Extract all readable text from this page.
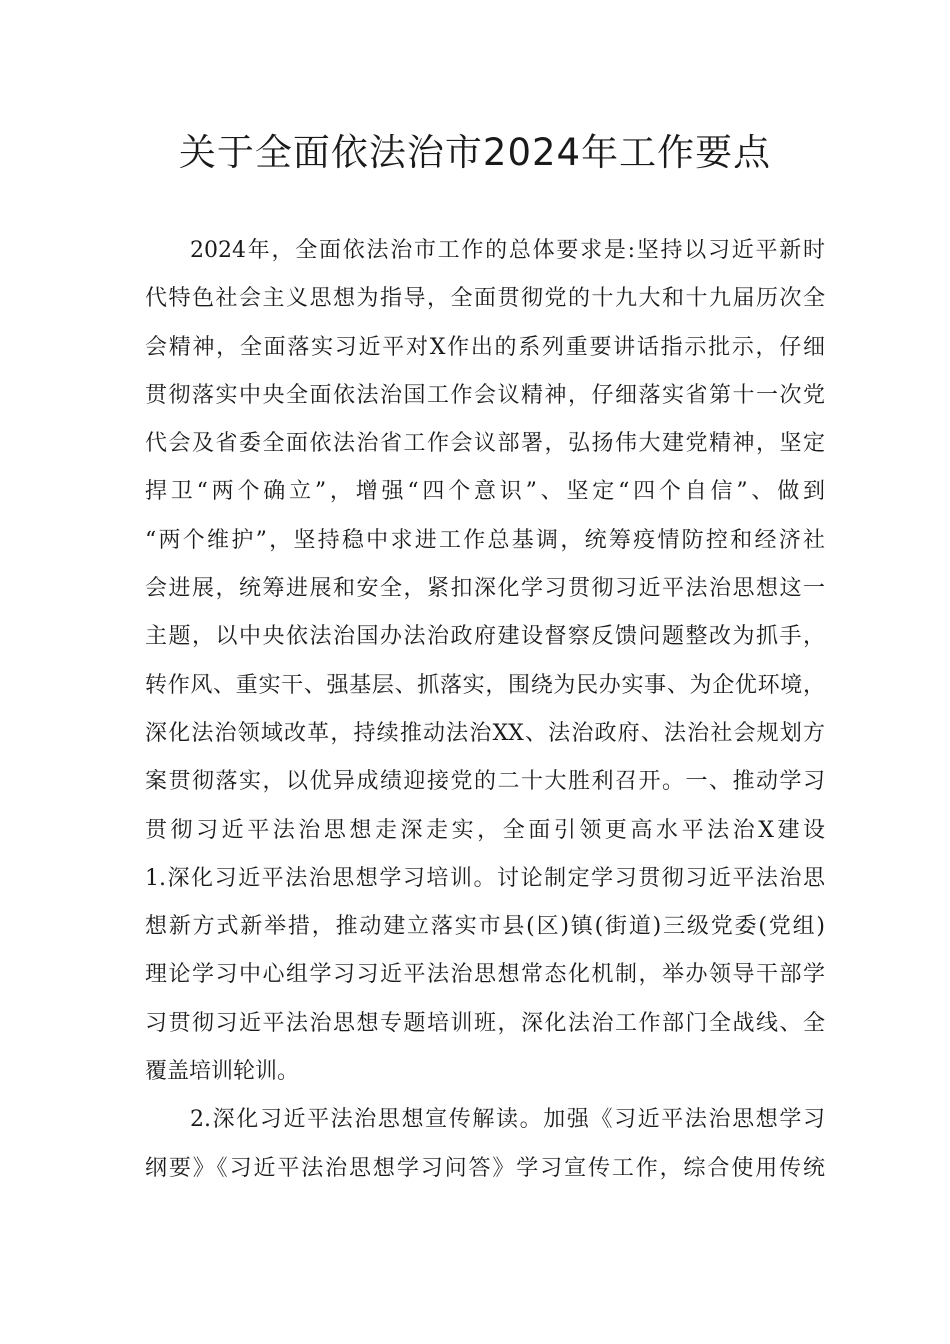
关于全面依法治市2024年工作要点
2024年，全面依法治市工作的总体要求是:坚持以习近平新时
代特色社会主义思想为指导，全面贯彻党的十九大和十九届历次全
会精神，全面落实习近平对X作出的系列重要讲话指示批示，仔细
贯彻落实中央全面依法治国工作会议精神，仔细落实省第十一次党
代会及省委全面依法治省工作会议部署，弘扬伟大建党精神，坚定
捍卫“两个确立”，增强“四个意识”、坚定“四个自信”、做到
“两个维护”，坚持稳中求进工作总基调，统筹疫情防控和经济社
会进展，统筹进展和安全，紧扣深化学习贯彻习近平法治思想这一
主题，以中央依法治国办法治政府建设督察反馈问题整改为抓手，
转作风、重实干、强基层、抓落实，围绕为民办实事、为企优环境，
深化法治领域改革，持续推动法治XX、法治政府、法治社会规划方
案贯彻落实，以优异成绩迎接党的二十大胜利召开。一、推动学习
贯彻习近平法治思想走深走实，全面引领更高水平法治X建设
1.深化习近平法治思想学习培训。讨论制定学习贯彻习近平法治思
想新方式新举措，推动建立落实市县(区)镇(街道)三级党委(党组)
理论学习中心组学习习近平法治思想常态化机制，举办领导干部学
习贯彻习近平法治思想专题培训班，深化法治工作部门全战线、全
覆盖培训轮训。
2.深化习近平法治思想宣传解读。加强《习近平法治思想学习
纲要》《习近平法治思想学习问答》学习宣传工作，综合使用传统
